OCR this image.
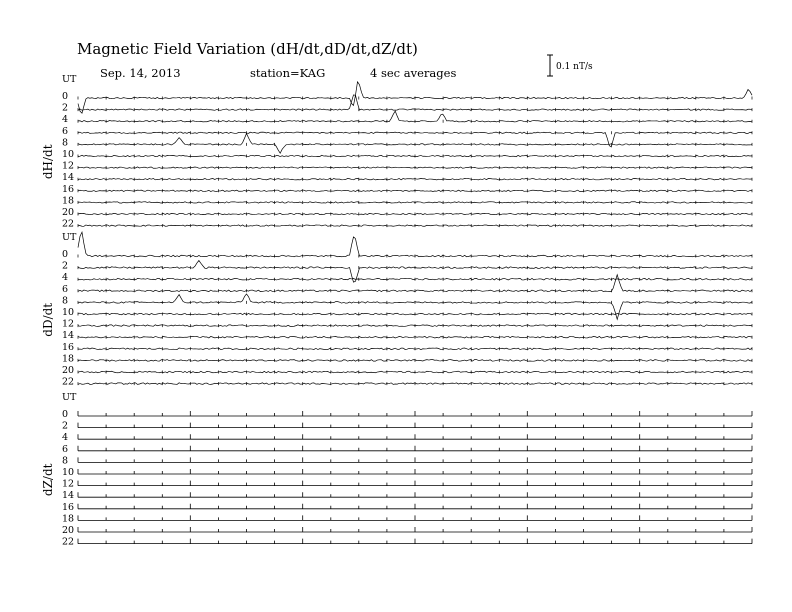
Magnetic Field Variation (dH/dt,dD/dt,dZ/dt)
Sep. 14, 2013	station=KAG	4 sec averages	0.1 nT/s
UT
dH/dt
0
2
4
6
8
10
12
14
16
18
20
22
UT
dD/dt
0
2
4
6
8
10
12
14
16
18
20
22
UT
dZ/dt
0
2
4
6
8
10
12
14
16
18
20
22
